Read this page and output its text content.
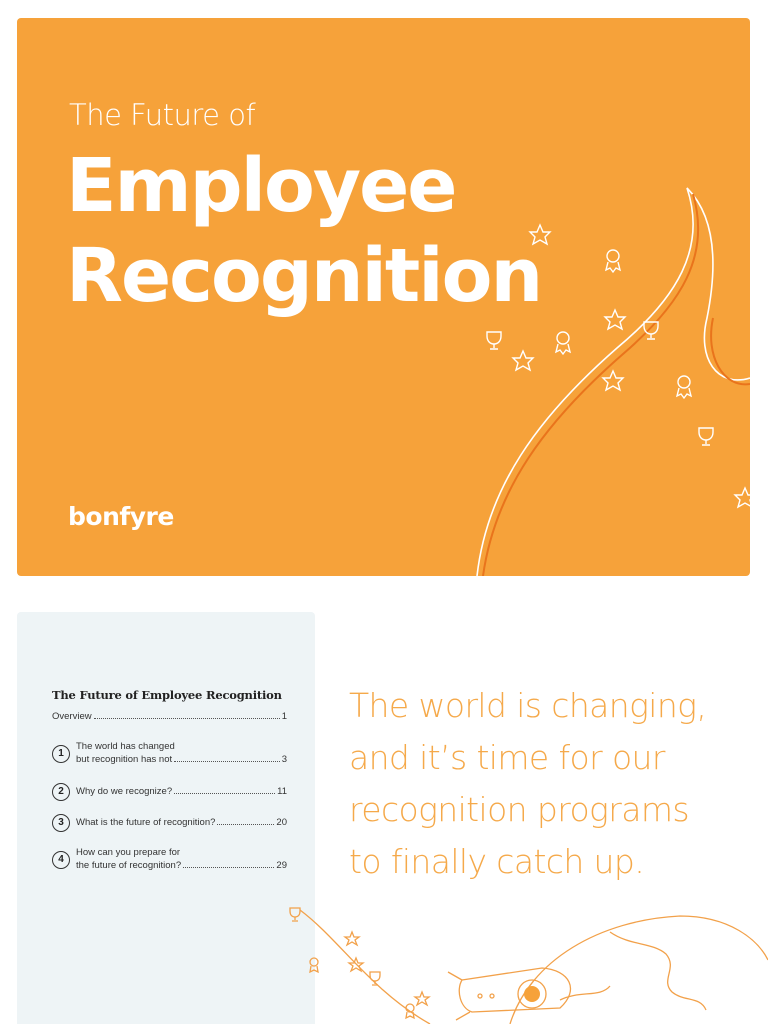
The Future of

Employee
Recognition
bonfyre
The Future of Employee Recognition
Overview	1
1
The world has changed
but recognition has not	3
2	Why do we recognize?	11
3	What is the future of recognition?	20
4
How can you prepare for
the future of recognition?	29

The world is changing,
and it’s time for our
recognition programs
to finally catch up.
